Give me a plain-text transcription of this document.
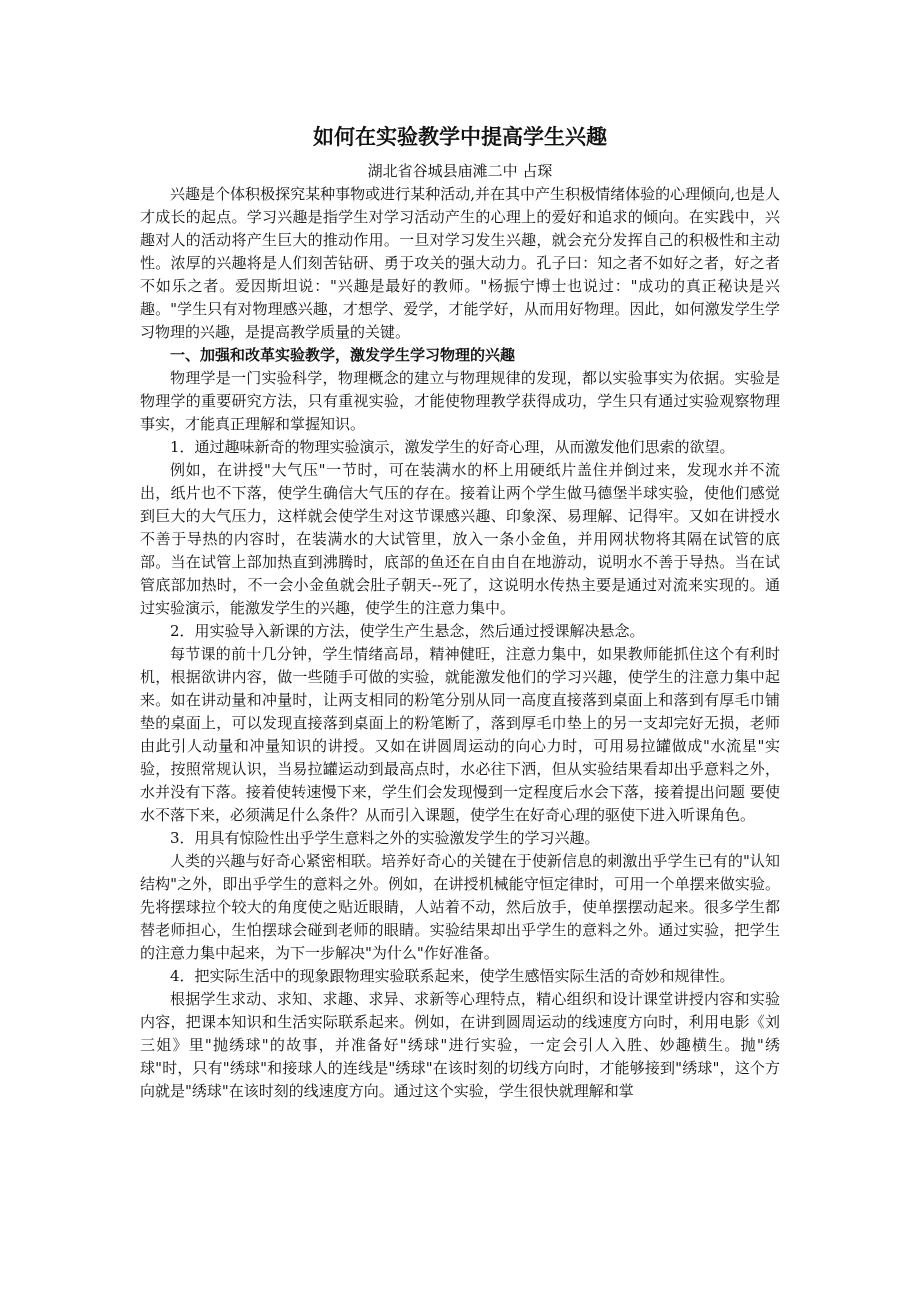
如何在实验教学中提高学生兴趣
湖北省谷城县庙滩二中 占琛

兴趣是个体积极探究某种事物或进行某种活动,并在其中产生积极情绪体验的心理倾向,也是人才成长的起点。学习兴趣是指学生对学习活动产生的心理上的爱好和追求的倾向。在实践中，兴趣对人的活动将产生巨大的推动作用。一旦对学习发生兴趣，就会充分发挥自己的积极性和主动性。浓厚的兴趣将是人们刻苦钻研、勇于攻关的强大动力。孔子曰：知之者不如好之者，好之者不如乐之者。爱因斯坦说："兴趣是最好的教师。"杨振宁博士也说过："成功的真正秘诀是兴趣。"学生只有对物理感兴趣，才想学、爱学，才能学好，从而用好物理。因此，如何激发学生学习物理的兴趣，是提高教学质量的关键。

一、加强和改革实验教学，激发学生学习物理的兴趣

物理学是一门实验科学，物理概念的建立与物理规律的发现，都以实验事实为依据。实验是物理学的重要研究方法，只有重视实验，才能使物理教学获得成功，学生只有通过实验观察物理事实，才能真正理解和掌握知识。

1．通过趣味新奇的物理实验演示，激发学生的好奇心理，从而激发他们思索的欲望。

例如，在讲授"大气压"一节时，可在装满水的杯上用硬纸片盖住并倒过来，发现水并不流出，纸片也不下落，使学生确信大气压的存在。接着让两个学生做马德堡半球实验，使他们感觉到巨大的大气压力，这样就会使学生对这节课感兴趣、印象深、易理解、记得牢。又如在讲授水不善于导热的内容时，在装满水的大试管里，放入一条小金鱼，并用网状物将其隔在试管的底部。当在试管上部加热直到沸腾时，底部的鱼还在自由自在地游动，说明水不善于导热。当在试管底部加热时，不一会小金鱼就会肚子朝天--死了，这说明水传热主要是通过对流来实现的。通过实验演示，能激发学生的兴趣，使学生的注意力集中。

2．用实验导入新课的方法，使学生产生悬念，然后通过授课解决悬念。

每节课的前十几分钟，学生情绪高昂，精神健旺，注意力集中，如果教师能抓住这个有利时机，根据欲讲内容，做一些随手可做的实验，就能激发他们的学习兴趣，使学生的注意力集中起来。如在讲动量和冲量时，让两支相同的粉笔分别从同一高度直接落到桌面上和落到有厚毛巾铺垫的桌面上，可以发现直接落到桌面上的粉笔断了，落到厚毛巾垫上的另一支却完好无损，老师由此引人动量和冲量知识的讲授。又如在讲圆周运动的向心力时，可用易拉罐做成"水流星"实验，按照常规认识，当易拉罐运动到最高点时，水必往下洒，但从实验结果看却出乎意料之外，水并没有下落。接着使转速慢下来，学生们会发现慢到一定程度后水会下落，接着提出问题 要使水不落下来，必须满足什么条件？从而引入课题，使学生在好奇心理的驱使下进入听课角色。

3．用具有惊险性出乎学生意料之外的实验激发学生的学习兴趣。

人类的兴趣与好奇心紧密相联。培养好奇心的关键在于使新信息的刺激出乎学生已有的"认知结构"之外，即出乎学生的意料之外。例如，在讲授机械能守恒定律时，可用一个单摆来做实验。先将摆球拉个较大的角度使之贴近眼睛，人站着不动，然后放手，使单摆摆动起来。很多学生都替老师担心，生怕摆球会碰到老师的眼睛。实验结果却出乎学生的意料之外。通过实验，把学生的注意力集中起来，为下一步解决"为什么"作好准备。

4．把实际生活中的现象跟物理实验联系起来，使学生感悟实际生活的奇妙和规律性。

根据学生求动、求知、求趣、求异、求新等心理特点，精心组织和设计课堂讲授内容和实验内容，把课本知识和生活实际联系起来。例如，在讲到圆周运动的线速度方向时，利用电影《刘三姐》里"抛绣球"的故事，并准备好"绣球"进行实验，一定会引人入胜、妙趣横生。抛"绣球"时，只有"绣球"和接球人的连线是"绣球"在该时刻的切线方向时，才能够接到"绣球"，这个方向就是"绣球"在该时刻的线速度方向。通过这个实验，学生很快就理解和掌
